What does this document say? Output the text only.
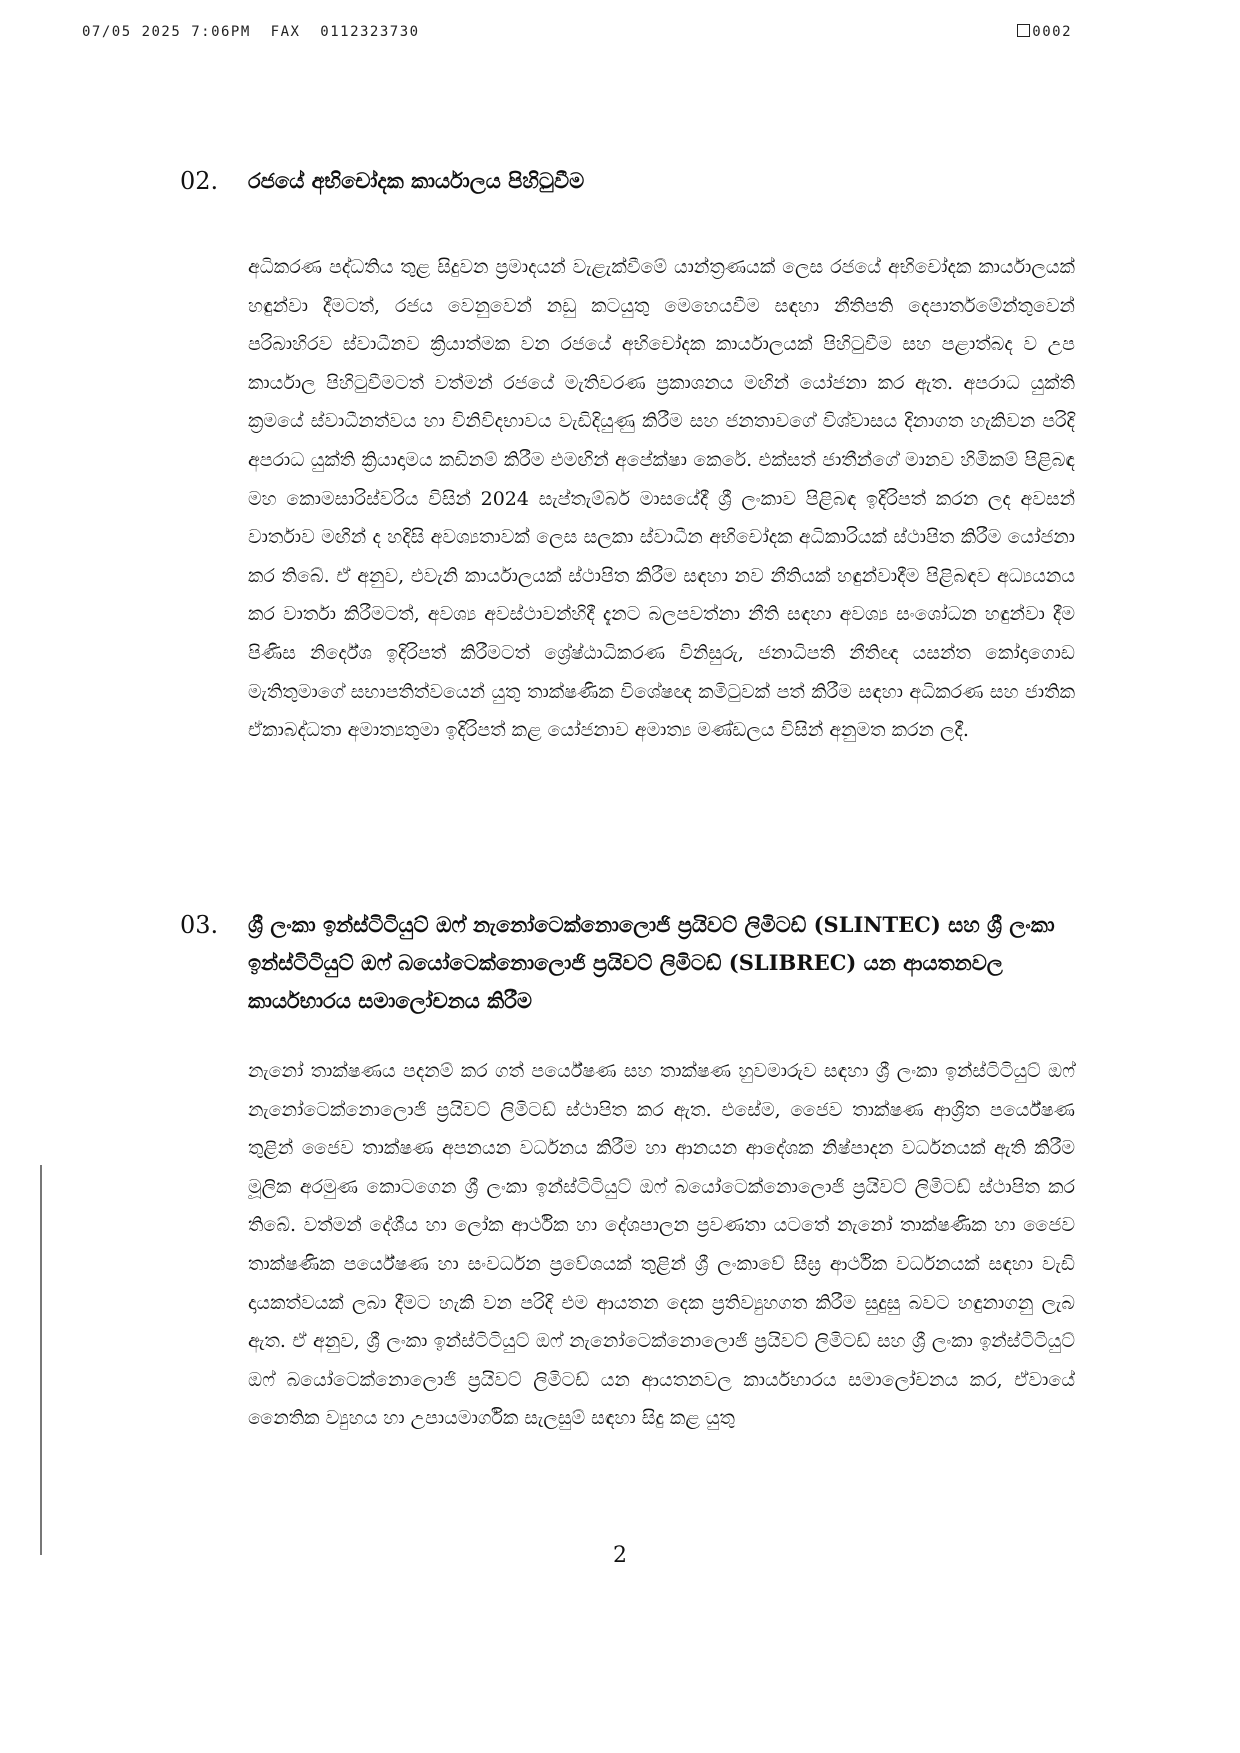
07/05 2025 7:06PM  FAX  0112323730	0002
02. රජයේ අභිචෝදක කාර්යාලය පිහිටුවීම
අධිකරණ පද්ධතිය තුළ සිදුවන ප්‍රමාදයන් වැළැක්වීමේ යාන්ත්‍රණයක් ලෙස රජයේ අභිචෝදක කාර්යාලයක් හඳුන්වා දීමටත්, රජය වෙනුවෙන් නඩු කටයුතු මෙහෙයවීම සඳහා නීතිපති දෙපාර්තමේන්තුවෙන් පරිබාහිරව ස්වාධීනව ක්‍රියාත්මක වන රජයේ අභිචෝදක කාර්යාලයක් පිහිටුවීම සහ පළාත්බද ව උප කාර්යාල පිහිටුවීමටත් වත්මන් රජයේ මැතිවරණ ප්‍රකාශනය මඟින් යෝජනා කර ඇත. අපරාධ යුක්ති ක්‍රමයේ ස්වාධීනත්වය හා විනිවිදභාවය වැඩිදියුණු කිරීම සහ ජනතාවගේ විශ්වාසය දිනාගත හැකිවන පරිදි අපරාධ යුක්ති ක්‍රියාදාමය කඩිනම් කිරීම එමඟින් අපේක්ෂා කෙරේ. එක්සත් ජාතීන්ගේ මානව හිමිකම් පිළිබඳ මහ කොමසාරිස්වරිය විසින් 2024 සැප්තැම්බර් මාසයේදී ශ්‍රී ලංකාව පිළිබඳ ඉදිරිපත් කරන ලද අවසන් වාර්තාව මඟින් ද හදිසි අවශ්‍යතාවක් ලෙස සලකා ස්වාධීන අභිචෝදක අධිකාරියක් ස්ථාපිත කිරීම යෝජනා කර තිබේ. ඒ අනුව, එවැනි කාර්යාලයක් ස්ථාපිත කිරීම සඳහා නව නීතියක් හඳුන්වාදීම පිළිබඳව අධ්‍යයනය කර වාර්තා කිරීමටත්, අවශ්‍ය අවස්ථාවන්හිදී දැනට බලපවත්නා නීති සඳහා අවශ්‍ය සංශෝධන හඳුන්වා දීම පිණිස නිර්දේශ ඉදිරිපත් කිරීමටත් ශ්‍රේෂ්ඨාධිකරණ විනිසුරු, ජනාධිපති නීතිඥ යසන්ත කෝදාගොඩ මැතිතුමාගේ සභාපතිත්වයෙන් යුතු තාක්ෂණික විශේෂඥ කමිටුවක් පත් කිරීම සඳහා අධිකරණ සහ ජාතික ඒකාබද්ධතා අමාත්‍යතුමා ඉදිරිපත් කළ යෝජනාව අමාත්‍ය මණ්ඩලය විසින් අනුමත කරන ලදී.
03. ශ්‍රී ලංකා ඉන්ස්ටිටියුට් ඔෆ් නැනෝටෙක්නොලොජි ප්‍රයිවට් ලිමිටඩ් (SLINTEC) සහ ශ්‍රී ලංකා ඉන්ස්ටිටියුට් ඔෆ් බයෝටෙක්නොලොජි ප්‍රයිවට් ලිමිටඩ් (SLIBREC) යන ආයතනවල කාර්යභාරය සමාලෝචනය කිරීම
නැනෝ තාක්ෂණය පදනම් කර ගත් පර්යේෂණ සහ තාක්ෂණ හුවමාරුව සඳහා ශ්‍රී ලංකා ඉන්ස්ටිටියුට් ඔෆ් නැනෝටෙක්නොලොජි ප්‍රයිවට් ලිමිටඩ් ස්ථාපිත කර ඇත. එසේම, ජෛව තාක්ෂණ ආශ්‍රිත පර්යේෂණ තුළින් ජෛව තාක්ෂණ අපනයන වර්ධනය කිරීම හා ආනයන ආදේශක නිෂ්පාදන වර්ධනයක් ඇති කිරීම මූලික අරමුණ කොටගෙන ශ්‍රී ලංකා ඉන්ස්ටිටියුට් ඔෆ් බයෝටෙක්නොලොජි ප්‍රයිවට් ලිමිටඩ් ස්ථාපිත කර තිබේ. වත්මන් දේශීය හා ලෝක ආර්ථික හා දේශපාලන ප්‍රවණතා යටතේ නැනෝ තාක්ෂණික හා ජෛව තාක්ෂණික පර්යේෂණ හා සංවර්ධන ප්‍රවේශයක් තුළින් ශ්‍රී ලංකාවේ සීඝ්‍ර ආර්ථික වර්ධනයක් සඳහා වැඩි දායකත්වයක් ලබා දීමට හැකි වන පරිදි එම ආයතන දෙක ප්‍රතිව්‍යුහගත කිරීම සුදුසු බවට හඳුනාගනු ලැබ ඇත. ඒ අනුව, ශ්‍රී ලංකා ඉන්ස්ටිටියුට් ඔෆ් නැනෝටෙක්නොලොජි ප්‍රයිවට් ලිමිටඩ් සහ ශ්‍රී ලංකා ඉන්ස්ටිටියුට් ඔෆ් බයෝටෙක්නොලොජි ප්‍රයිවට් ලිමිටඩ් යන ආයතනවල කාර්යභාරය සමාලෝචනය කර, ඒවායේ නෛතික ව්‍යුහය හා උපායමාර්ගික සැලසුම් සඳහා සිදු කළ යුතු
2
